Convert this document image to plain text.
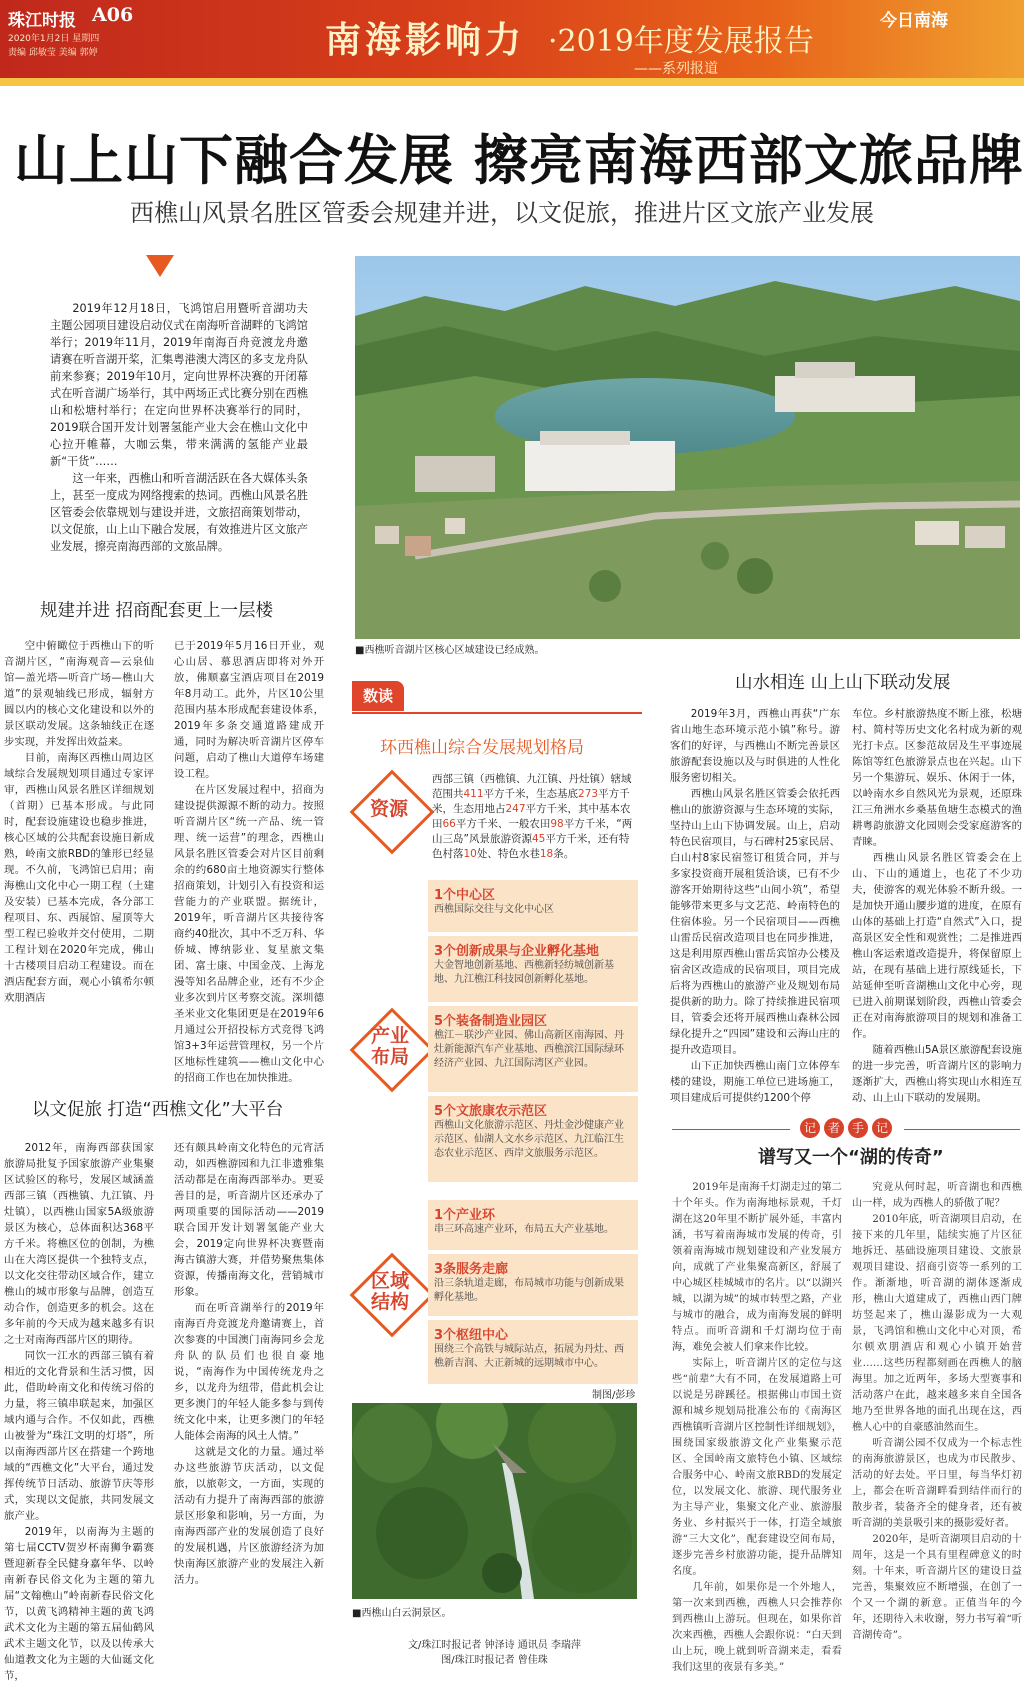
珠江时报 A06
2020年1月2日 星期四
责编 邱敏莹 美编 郭婷	南海影响力 ·2019年度发展报告
——系列报道
今日南海
山上山下融合发展 擦亮南海西部文旅品牌
西樵山风景名胜区管委会规建并进，以文促旅，推进片区文旅产业发展

2019年12月18日，飞鸿馆启用暨听音湖功夫主题公园项目建设启动仪式在南海听音湖畔的飞鸿馆举行；2019年11月，2019年南海百舟竞渡龙舟邀请赛在听音湖开桨，汇集粤港澳大湾区的多支龙舟队前来参赛；2019年10月，定向世界杯决赛的开闭幕式在听音湖广场举行，其中两场正式比赛分别在西樵山和松塘村举行；在定向世界杯决赛举行的同时，2019联合国开发计划署氢能产业大会在樵山文化中心拉开帷幕，大咖云集，带来满满的氢能产业最新“干货”……

这一年来，西樵山和听音湖活跃在各大媒体头条上，甚至一度成为网络搜索的热词。西樵山风景名胜区管委会依靠规划与建设并进，文旅招商策划带动，以文促旅，山上山下融合发展，有效推进片区文旅产业发展，擦亮南海西部的文旅品牌。

■西樵听音湖片区核心区域建设已经成熟。
规建并进 招商配套更上一层楼

空中俯瞰位于西樵山下的听音湖片区，“南海观音—云泉仙馆—盖光塔—听音广场—樵山大道”的景观轴线已形成，辐射方圆以内的核心文化建设和以外的景区联动发展。这条轴线正在逐步实现，并发挥出效益来。

目前，南海区西樵山周边区域综合发展规划项目通过专家评审，西樵山风景名胜区详细规划（首期）已基本形成。与此同时，配套设施建设也稳步推进，核心区域的公共配套设施日新成熟，岭南文旅RBD的雏形已经显现。不久前，飞鸿馆已启用；南海樵山文化中心一期工程（土建及安装）已基本完成，各分部工程项目、东、西展馆、屋顶等大型工程已验收并交付使用，二期工程计划在2020年完成，佛山十古楼项目启动工程建设。而在酒店配套方面，观心小镇希尔顿欢朋酒店

已于2019年5月16日开业，观心山居、慕思酒店即将对外开放，佛顺嘉宝酒店项目在2019年8月动工。此外，片区10公里范围内基本形成配套建设体系，2019年多条交通道路建成开通，同时为解决听音湖片区停车问题，启动了樵山大道停车场建设工程。

在片区发展过程中，招商为建设提供源源不断的动力。按照听音湖片区“统一产品、统一管理、统一运营”的理念，西樵山风景名胜区管委会对片区目前剩余的约680亩土地资源实行整体招商策划，计划引入有投资和运营能力的产业联盟。据统计，2019年，听音湖片区共接待客商约40批次，其中不乏万科、华侨城、博纳影业、复星旅文集团、富士康、中国金茂、上海龙漫等知名品牌企业，还有不少企业多次到片区考察交流。深圳德圣米业文化集团更是在2019年6月通过公开招投标方式竞得飞鸿馆3+3年运营管理权，另一个片区地标性建筑——樵山文化中心的招商工作也在加快推进。

以文促旅 打造“西樵文化”大平台

2012年，南海西部获国家旅游局批复予国家旅游产业集聚区试验区的称号，发展区域涵盖西部三镇（西樵镇、九江镇、丹灶镇），以西樵山国家5A级旅游景区为核心，总体面积达368平方千米。将樵区位的创制，为樵山在大湾区提供一个独特支点，以文化交往带动区域合作，建立樵山的城市形象与品牌，创造互动合作，创造更多的机会。这在多年前的今天成为越来越多有识之士对南海西部片区的期待。

同饮一江水的西部三镇有着相近的文化背景和生活习惯，因此，借助岭南文化和传统习俗的力量，将三镇串联起来，加强区域内通与合作。不仅如此，西樵山被誉为“珠江文明的灯塔”，所以南海西部片区在搭建一个跨地域的“西樵文化”大平台，通过发挥传统节日活动、旅游节庆等形式，实现以文促旅，共同发展文旅产业。

2019年，以南海为主题的第七届CCTV贺岁杯南狮争霸赛暨迎新春全民健身嘉年华、以岭南新春民俗文化为主题的第九届“文翰樵山”岭南新春民俗文化节，以黄飞鸿精神主题的黄飞鸿武术文化为主题的第五届仙鹤风武术主题文化节，以及以传承大仙道教文化为主题的大仙诞文化节，

还有颇具岭南文化特色的元宵活动，如西樵游园和九江非遗雅集活动都是在南海西部举办。更妥善目的是，听音湖片区还承办了两项重要的国际活动——2019联合国开发计划署氢能产业大会，2019定向世界杯决赛暨南海古镇游大赛，并借势聚焦集体资源，传播南海文化，营销城市形象。

而在听音湖举行的2019年南海百舟竞渡龙舟邀请赛上，首次参赛的中国澳门南海同乡会龙舟队的队员们也很自豪地说，“南海作为中国传统龙舟之乡，以龙舟为纽带，借此机会让更多澳门的年轻人能多参与到传统文化中来，让更多澳门的年轻人能体会南海的风土人情。”

这就是文化的力量。通过举办这些旅游节庆活动，以文促旅，以旅彰文，一方面，实现的活动有力提升了南海西部的旅游景区形象和影响，另一方面，为南海西部产业的发展创造了良好的发展机遇，片区旅游经济为加快南海区旅游产业的发展注入新活力。

数读
环西樵山综合发展规划格局
资源
西部三镇（西樵镇、九江镇、丹灶镇）辖域范围共411平方千米，生态基底273平方千米，生态用地占247平方千米，其中基本农田66平方千米、一般农田98平方千米，“两山三岛”风景旅游资源45平方千米，还有特色村落10处、特色水巷18条。
产业布局
1个中心区
西樵国际交往与文化中心区
3个创新成果与企业孵化基地
大金智地创新基地、西樵新轻纺城创新基地、九江樵江科技园创新孵化基地。
5个装备制造业园区
樵江－联沙产业园、佛山高新区南海园、丹灶新能源汽车产业基地、西樵滨江国际绿环经济产业园、九江国际湾区产业园。
5个文旅康农示范区
西樵山文化旅游示范区、丹灶金沙健康产业示范区、仙湖人文水乡示范区、九江临江生态农业示范区、西岸文旅服务示范区。
区域结构
1个产业环
串三环高速产业环，布局五大产业基地。
3条服务走廊
沿三条轨道走廊，布局城市功能与创新成果孵化基地。
3个枢纽中心
围绕三个高铁与城际站点，拓展为丹灶、西樵新吉润、大正新城的远期城市中心。
制图/彭珍
■西樵山白云洞景区。
文/珠江时报记者 钟泽诗 通讯员 李瑞萍
图/珠江时报记者 曾佳珠
山水相连 山上山下联动发展

2019年3月，西樵山再获“广东省山地生态环境示范小镇”称号。游客们的好评，与西樵山不断完善景区旅游配套设施以及与时俱进的人性化服务密切相关。

西樵山风景名胜区管委会依托西樵山的旅游资源与生态环境的实际，坚持山上山下协调发展。山上，启动特色民宿项目，与石碑村25家民居、白山村8家民宿签订租赁合同，并与多家投资商开展租赁洽谈，已有不少游客开始期待这些“山间小筑”，希望能够带来更多与文艺范、岭南特色的住宿体验。另一个民宿项目——西樵山雷岳民宿改造项目也在同步推进，这是利用原西樵山雷岳宾馆办公楼及宿舍区改造成的民宿项目，项目完成后将为西樵山的旅游产业及规划布局提供新的助力。除了持续推进民宿项目，管委会还将开展西樵山森林公园绿化提升之“四园”建设和云海山庄的提升改造项目。

山下正加快西樵山南门立体停车楼的建设，期施工单位已进场施工，项目建成后可提供约1200个停

车位。乡村旅游热度不断上涨，松塘村、简村等历史文化名村成为新的观光打卡点。区参范故居及生平事迹展陈馆等红色旅游景点也在兴起。山下另一个集游玩、娱乐、休闲于一体，以岭南水乡自然风光为景观，还原珠江三角洲水乡桑基鱼塘生态模式的渔耕粤韵旅游文化园则会受家庭游客的青睐。

西樵山风景名胜区管委会在上山、下山的通道上，也花了不少功夫，使游客的观光体验不断升级。一是加快开通山腰步道的进度，在原有山体的基础上打造“自然式”入口，提高景区安全性和观赏性；二是推进西樵山客运索道改造提升，将保留原上站，在现有基础上进行原线延长，下站延伸至听音湖樵山文化中心旁，现已进入前期谋划阶段，西樵山管委会正在对南海旅游项目的规划和准备工作。

随着西樵山5A景区旅游配套设施的进一步完善，听音湖片区的影响力逐渐扩大，西樵山将实现山水相连互动、山上山下联动的发展期。

记 者 手 记
谱写又一个“湖的传奇”

2019年是南海千灯湖走过的第二十个年头。作为南海地标景观，千灯湖在这20年里不断扩展外延，丰富内涵，书写着南海城市发展的传奇，引领着南海城市规划建设和产业发展方向，成就了产业集聚高新区，舒展了中心城区桂城城市的名片。以“以湖兴城，以湖为城”的城市转型之路，产业与城市的融合，成为南海发展的鲜明特点。而听音湖和千灯湖均位于南海，难免会被人们拿来作比较。

实际上，听音湖片区的定位与这些“前辈”大有不同，在发展道路上可以说是另辟蹊径。根据佛山市国土资源和城乡规划局批准公布的《南海区西樵镇听音湖片区控制性详细规划》，围绕国家级旅游文化产业集聚示范区、全国岭南文旅特色小镇、区域综合服务中心、岭南文旅RBD的发展定位，以发展文化、旅游、现代服务业为主导产业，集聚文化产业、旅游服务业、乡村振兴于一体，打造全域旅游“三大文化”，配套建设空间布局，逐步完善乡村旅游功能，提升品牌知名度。

几年前，如果你是一个外地人，第一次来到西樵，西樵人只会推荐你到西樵山上游玩。但现在，如果你首次来西樵，西樵人会跟你说：“白天到山上玩，晚上就到听音湖来走，看看我们这里的夜景有多美。”

究竟从何时起，听音湖也和西樵山一样，成为西樵人的骄傲了呢？

2010年底，听音湖项目启动，在接下来的几年里，陆续实施了片区征地拆迁、基础设施项目建设、文旅景观项目建设、招商引资等一系列的工作。渐渐地，听音湖的湖体逐渐成形，樵山大道建成了，西樵山西门牌坊竖起来了，樵山瀑影成为一大观景，飞鸿馆和樵山文化中心对顶，希尔顿欢朋酒店和观心小镇开始营业……这些历程都刻画在西樵人的脑海里。加之近两年，多场大型赛事和活动落户在此，越来越多来自全国各地乃至世界各地的面孔出现在这，西樵人心中的自豪感油然而生。

听音湖公园不仅成为一个标志性的南海旅游景区，也成为市民散步、活动的好去处。平日里，每当华灯初上，都会在听音湖畔看到结伴而行的散步者，装备齐全的健身者，还有被听音湖的美景吸引来的摄影爱好者。

2020年，是听音湖项目启动的十周年，这是一个具有里程碑意义的时刻。十年来，听音湖片区的建设日益完善，集聚效应不断增强，在创了一个又一个湖的新意。正值当年的今年，还期待入未收谢，努力书写着“听音湖传奇”。
